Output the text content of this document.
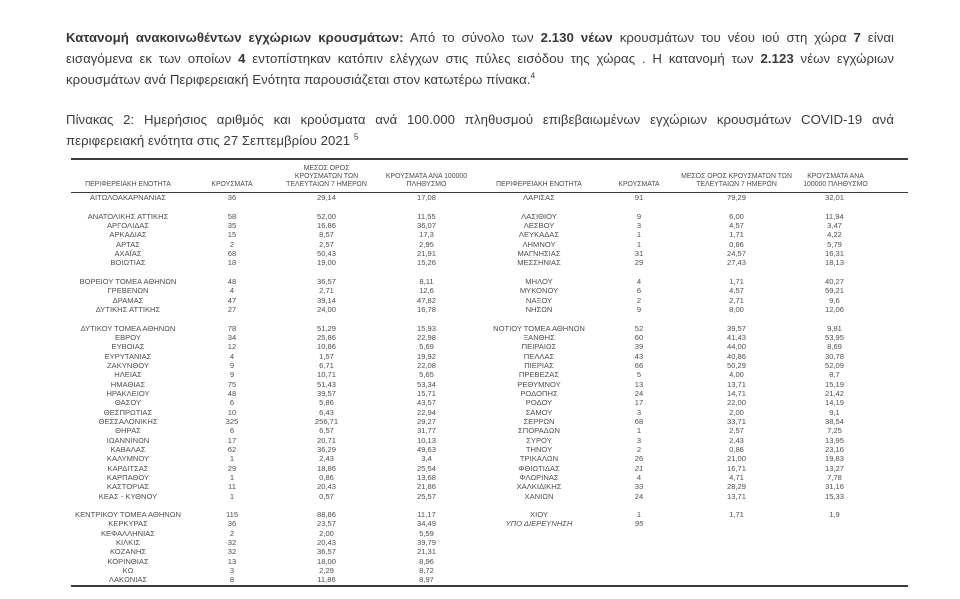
Κατανομή ανακοινωθέντων εγχώριων κρουσμάτων: Από το σύνολο των 2.130 νέων κρουσμάτων του νέου ιού στη χώρα 7 είναι εισαγόμενα εκ των οποίων 4 εντοπίστηκαν κατόπιν ελέγχων στις πύλες εισόδου της χώρας . Η κατανομή των 2.123 νέων εγχώριων κρουσμάτων ανά Περιφερειακή Ενότητα παρουσιάζεται στον κατωτέρω πίνακα.$^4$

Πίνακας 2: Ημερήσιος αριθμός και κρούσματα ανά 100.000 πληθυσμού επιβεβαιωμένων εγχώριων κρουσμάτων COVID-19 ανά περιφερειακή ενότητα στις 27 Σεπτεμβρίου 2021 $^5$

ΠΕΡΙΦΕΡΕΙΑΚΗ ΕΝΟΤΗΤΑ	ΚΡΟΥΣΜΑΤΑ	ΜΕΣΟΣ ΟΡΟΣ ΚΡΟΥΣΜΑΤΩΝ ΤΩΝ ΤΕΛΕΥΤΑΙΩΝ 7 ΗΜΕΡΩΝ	ΚΡΟΥΣΜΑΤΑ ΑΝΑ 100000 ΠΛΗΘΥΣΜΟ	ΠΕΡΙΦΕΡΕΙΑΚΗ ΕΝΟΤΗΤΑ	ΚΡΟΥΣΜΑΤΑ	ΜΕΣΟΣ ΟΡΟΣ ΚΡΟΥΣΜΑΤΩΝ ΤΩΝ ΤΕΛΕΥΤΑΙΩΝ 7 ΗΜΕΡΩΝ	ΚΡΟΥΣΜΑΤΑ ΑΝΑ 100000 ΠΛΗΘΥΣΜΟ
ΑΙΤΩΛΟΑΚΑΡΝΑΝΙΑΣ	36	29,14	17,08	ΛΑΡΙΣΑΣ	91	79,29	32,01

ΑΝΑΤΟΛΙΚΗΣ ΑΤΤΙΚΗΣ	58	52,00	11,55	ΛΑΣΙΘΙΟΥ	9	6,00	11,94
ΑΡΓΟΛΙΔΑΣ	35	16,86	36,07	ΛΕΣΒΟΥ	3	4,57	3,47
ΑΡΚΑΔΙΑΣ	15	8,57	17,3	ΛΕΥΚΑΔΑΣ	1	1,71	4,22
ΑΡΤΑΣ	2	2,57	2,95	ΛΗΜΝΟΥ	1	0,86	5,79
ΑΧΑΪΑΣ	68	50,43	21,91	ΜΑΓΝΗΣΙΑΣ	31	24,57	16,31
ΒΟΙΩΤΙΑΣ	18	19,00	15,26	ΜΕΣΣΗΝΙΑΣ	29	27,43	18,13

ΒΟΡΕΙΟΥ ΤΟΜΕΑ ΑΘΗΝΩΝ	48	36,57	8,11	ΜΗΛΟΥ	4	1,71	40,27
ΓΡΕΒΕΝΩΝ	4	2,71	12,6	ΜΥΚΟΝΟΥ	6	4,57	59,21
ΔΡΑΜΑΣ	47	39,14	47,82	ΝΑΞΟΥ	2	2,71	9,6
ΔΥΤΙΚΗΣ ΑΤΤΙΚΗΣ	27	24,00	16,78	ΝΗΣΩΝ	9	8,00	12,06

ΔΥΤΙΚΟΥ ΤΟΜΕΑ ΑΘΗΝΩΝ	78	51,29	15,93	ΝΟΤΙΟΥ ΤΟΜΕΑ ΑΘΗΝΩΝ	52	39,57	9,81
ΕΒΡΟΥ	34	25,86	22,98	ΞΑΝΘΗΣ	60	41,43	53,95
ΕΥΒΟΙΑΣ	12	10,86	5,69	ΠΕΙΡΑΙΩΣ	39	44,00	8,69
ΕΥΡΥΤΑΝΙΑΣ	4	1,57	19,92	ΠΕΛΛΑΣ	43	40,86	30,78
ΖΑΚΥΝΘΟΥ	9	6,71	22,08	ΠΙΕΡΙΑΣ	66	50,29	52,09
ΗΛΕΙΑΣ	9	10,71	5,65	ΠΡΕΒΕΖΑΣ	5	4,00	8,7
ΗΜΑΘΙΑΣ	75	51,43	53,34	ΡΕΘΥΜΝΟΥ	13	13,71	15,19
ΗΡΑΚΛΕΙΟΥ	48	39,57	15,71	ΡΟΔΟΠΗΣ	24	14,71	21,42
ΘΑΣΟΥ	6	5,86	43,57	ΡΟΔΟΥ	17	22,00	14,19
ΘΕΣΠΡΩΤΙΑΣ	10	6,43	22,94	ΣΑΜΟΥ	3	2,00	9,1
ΘΕΣΣΑΛΟΝΙΚΗΣ	325	256,71	29,27	ΣΕΡΡΩΝ	68	33,71	38,54
ΘΗΡΑΣ	6	6,57	31,77	ΣΠΟΡΑΔΩΝ	1	2,57	7,25
ΙΩΑΝΝΙΝΩΝ	17	20,71	10,13	ΣΥΡΟΥ	3	2,43	13,95
ΚΑΒΑΛΑΣ	62	36,29	49,63	ΤΗΝΟΥ	2	0,86	23,16
ΚΑΛΥΜΝΟΥ	1	2,43	3,4	ΤΡΙΚΑΛΩΝ	26	21,00	19,83
ΚΑΡΔΙΤΣΑΣ	29	18,86	25,54	ΦΘΙΩΤΙΔΑΣ	21	16,71	13,27
ΚΑΡΠΑΘΟΥ	1	0,86	13,68	ΦΛΩΡΙΝΑΣ	4	4,71	7,78
ΚΑΣΤΟΡΙΑΣ	11	20,43	21,86	ΧΑΛΚΙΔΙΚΗΣ	33	28,29	31,16
ΚΕΑΣ - ΚΥΘΝΟΥ	1	0,57	25,57	ΧΑΝΙΩΝ	24	13,71	15,33

ΚΕΝΤΡΙΚΟΥ ΤΟΜΕΑ ΑΘΗΝΩΝ	115	88,86	11,17	ΧΙΟΥ	1	1,71	1,9
ΚΕΡΚΥΡΑΣ	36	23,57	34,49	ΥΠΟ ΔΙΕΡΕΥΝΗΣΗ	95		
ΚΕΦΑΛΛΗΝΙΑΣ	2	2,00	5,59				
ΚΙΛΚΙΣ	32	20,43	39,79				
ΚΟΖΑΝΗΣ	32	36,57	21,31				
ΚΟΡΙΝΘΙΑΣ	13	18,00	8,96				
ΚΩ	3	2,29	8,72				
ΛΑΚΩΝΙΑΣ	8	11,86	8,97				
